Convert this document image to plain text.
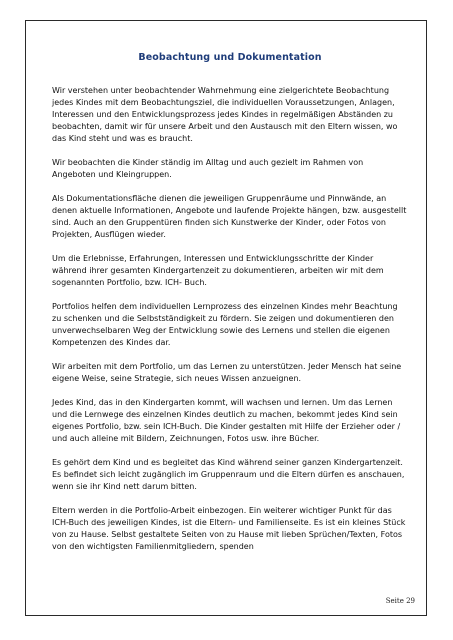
Beobachtung und Dokumentation

Wir verstehen unter beobachtender Wahrnehmung eine zielgerichtete Beobachtung jedes Kindes mit dem Beobachtungsziel, die individuellen Voraussetzungen, Anlagen, Interessen und den Entwicklungsprozess jedes Kindes in regelmäßigen Abständen zu beobachten, damit wir für unsere Arbeit und den Austausch mit den Eltern wissen, wo das Kind steht und was es braucht.

Wir beobachten die Kinder ständig im Alltag und auch gezielt im Rahmen von Angeboten und Kleingruppen.

Als Dokumentationsfläche dienen die jeweiligen Gruppenräume und Pinnwände, an denen aktuelle Informationen, Angebote und laufende Projekte hängen, bzw. ausgestellt sind. Auch an den Gruppentüren finden sich Kunstwerke der Kinder, oder Fotos von Projekten, Ausflügen wieder.

Um die Erlebnisse, Erfahrungen, Interessen und Entwicklungsschritte der Kinder während ihrer gesamten Kindergartenzeit zu dokumentieren, arbeiten wir mit dem sogenannten Portfolio, bzw. ICH- Buch.

Portfolios helfen dem individuellen Lernprozess des einzelnen Kindes mehr Beachtung zu schenken und die Selbstständigkeit zu fördern. Sie zeigen und dokumentieren den unverwechselbaren Weg der Entwicklung sowie des Lernens und stellen die eigenen Kompetenzen des Kindes dar.

Wir arbeiten mit dem Portfolio, um das Lernen zu unterstützen. Jeder Mensch hat seine eigene Weise, seine Strategie, sich neues Wissen anzueignen.

Jedes Kind, das in den Kindergarten kommt, will wachsen und lernen. Um das Lernen und die Lernwege des einzelnen Kindes deutlich zu machen, bekommt jedes Kind sein eigenes Portfolio, bzw. sein ICH-Buch. Die Kinder gestalten mit Hilfe der Erzieher oder / und auch alleine mit Bildern, Zeichnungen, Fotos usw. ihre Bücher.

Es gehört dem Kind und es begleitet das Kind während seiner ganzen Kindergartenzeit. Es befindet sich leicht zugänglich im Gruppenraum und die Eltern dürfen es anschauen, wenn sie ihr Kind nett darum bitten.

Eltern werden in die Portfolio-Arbeit einbezogen. Ein weiterer wichtiger Punkt für das ICH-Buch des jeweiligen Kindes, ist die Eltern- und Familienseite. Es ist ein kleines Stück von zu Hause. Selbst gestaltete Seiten von zu Hause mit lieben Sprüchen/Texten, Fotos von den wichtigsten Familienmitgliedern, spenden

Seite 29
